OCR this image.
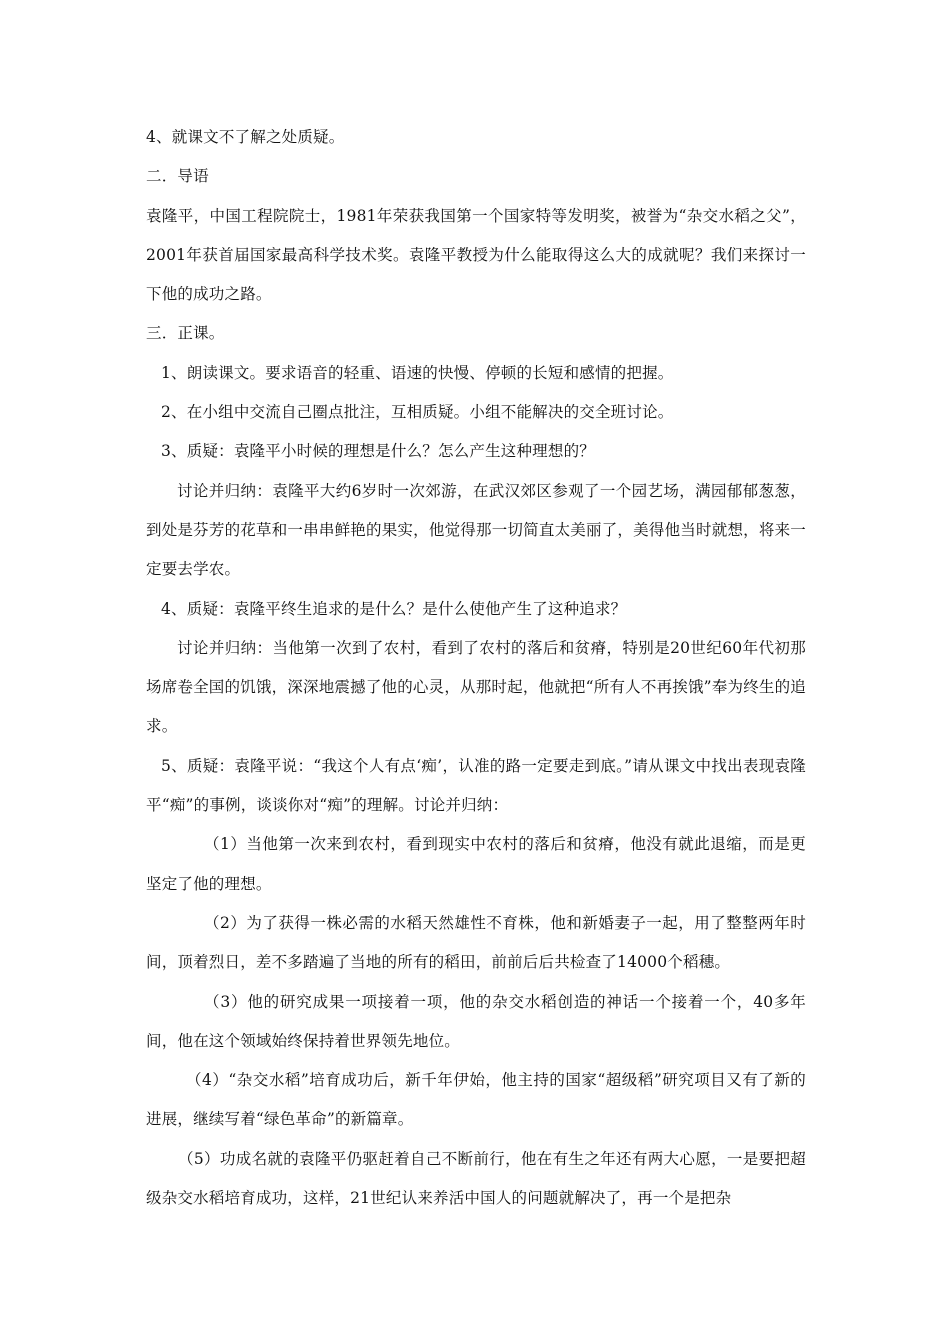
4、就课文不了解之处质疑。

二．导语

袁隆平，中国工程院院士，1981年荣获我国第一个国家特等发明奖，被誉为“杂交水稻之父”，2001年获首届国家最高科学技术奖。袁隆平教授为什么能取得这么大的成就呢？我们来探讨一下他的成功之路。

三．正课。

1、朗读课文。要求语音的轻重、语速的快慢、停顿的长短和感情的把握。

2、在小组中交流自己圈点批注，互相质疑。小组不能解决的交全班讨论。

3、质疑：袁隆平小时候的理想是什么？怎么产生这种理想的？

讨论并归纳：袁隆平大约6岁时一次郊游，在武汉郊区参观了一个园艺场，满园郁郁葱葱，到处是芬芳的花草和一串串鲜艳的果实，他觉得那一切简直太美丽了，美得他当时就想，将来一定要去学农。

4、质疑：袁隆平终生追求的是什么？是什么使他产生了这种追求？

讨论并归纳：当他第一次到了农村，看到了农村的落后和贫瘠，特别是20世纪60年代初那场席卷全国的饥饿，深深地震撼了他的心灵，从那时起，他就把“所有人不再挨饿”奉为终生的追求。

5、质疑：袁隆平说：“我这个人有点‘痴’，认准的路一定要走到底。”请从课文中找出表现袁隆平“痴”的事例，谈谈你对“痴”的理解。讨论并归纳：

（1）当他第一次来到农村，看到现实中农村的落后和贫瘠，他没有就此退缩，而是更坚定了他的理想。

（2）为了获得一株必需的水稻天然雄性不育株，他和新婚妻子一起，用了整整两年时间，顶着烈日，差不多踏遍了当地的所有的稻田，前前后后共检查了14000个稻穗。

（3）他的研究成果一项接着一项，他的杂交水稻创造的神话一个接着一个，40多年间，他在这个领域始终保持着世界领先地位。

（4）“杂交水稻”培育成功后，新千年伊始，他主持的国家“超级稻”研究项目又有了新的进展，继续写着“绿色革命”的新篇章。

（5）功成名就的袁隆平仍驱赶着自己不断前行，他在有生之年还有两大心愿，一是要把超级杂交水稻培育成功，这样，21世纪认来养活中国人的问题就解决了，再一个是把杂
